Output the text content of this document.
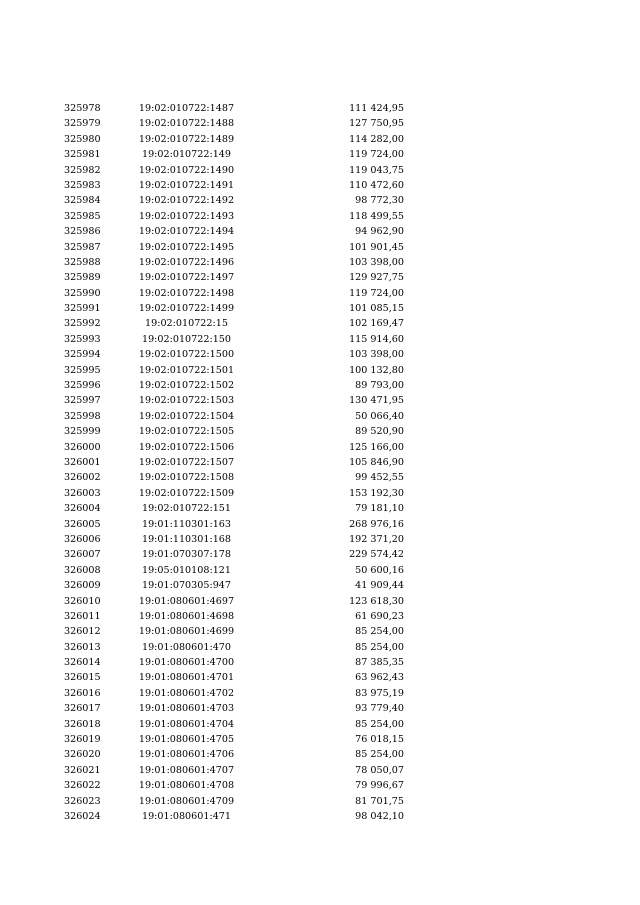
325978	19:02:010722:1487	111 424,95
325979	19:02:010722:1488	127 750,95
325980	19:02:010722:1489	114 282,00
325981	19:02:010722:149	119 724,00
325982	19:02:010722:1490	119 043,75
325983	19:02:010722:1491	110 472,60
325984	19:02:010722:1492	98 772,30
325985	19:02:010722:1493	118 499,55
325986	19:02:010722:1494	94 962,90
325987	19:02:010722:1495	101 901,45
325988	19:02:010722:1496	103 398,00
325989	19:02:010722:1497	129 927,75
325990	19:02:010722:1498	119 724,00
325991	19:02:010722:1499	101 085,15
325992	19:02:010722:15	102 169,47
325993	19:02:010722:150	115 914,60
325994	19:02:010722:1500	103 398,00
325995	19:02:010722:1501	100 132,80
325996	19:02:010722:1502	89 793,00
325997	19:02:010722:1503	130 471,95
325998	19:02:010722:1504	50 066,40
325999	19:02:010722:1505	89 520,90
326000	19:02:010722:1506	125 166,00
326001	19:02:010722:1507	105 846,90
326002	19:02:010722:1508	99 452,55
326003	19:02:010722:1509	153 192,30
326004	19:02:010722:151	79 181,10
326005	19:01:110301:163	268 976,16
326006	19:01:110301:168	192 371,20
326007	19:01:070307:178	229 574,42
326008	19:05:010108:121	50 600,16
326009	19:01:070305:947	41 909,44
326010	19:01:080601:4697	123 618,30
326011	19:01:080601:4698	61 690,23
326012	19:01:080601:4699	85 254,00
326013	19:01:080601:470	85 254,00
326014	19:01:080601:4700	87 385,35
326015	19:01:080601:4701	63 962,43
326016	19:01:080601:4702	83 975,19
326017	19:01:080601:4703	93 779,40
326018	19:01:080601:4704	85 254,00
326019	19:01:080601:4705	76 018,15
326020	19:01:080601:4706	85 254,00
326021	19:01:080601:4707	78 050,07
326022	19:01:080601:4708	79 996,67
326023	19:01:080601:4709	81 701,75
326024	19:01:080601:471	98 042,10
